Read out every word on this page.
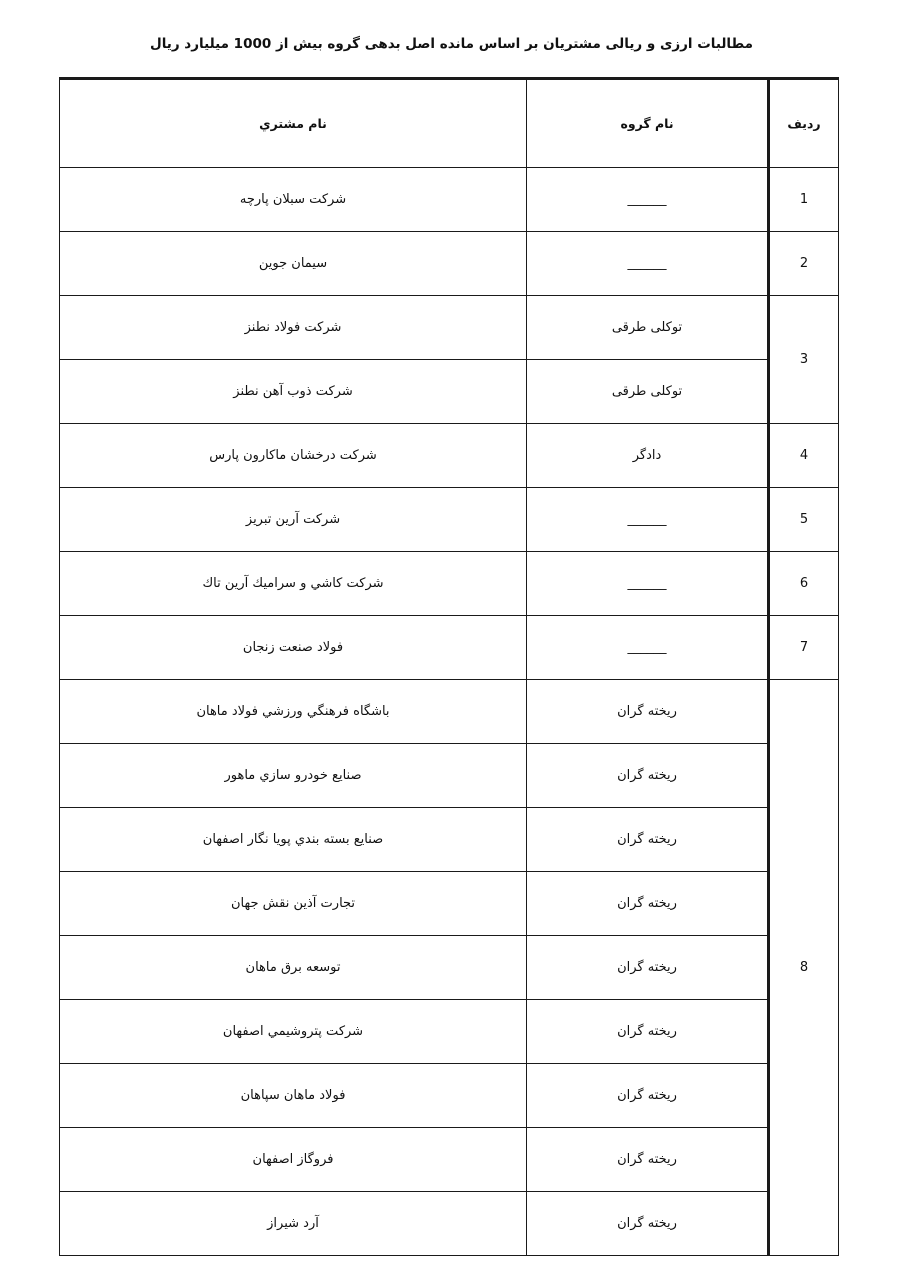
مطالبات ارزی و ریالی مشتریان بر اساس مانده اصل بدهی گروه بیش از 1000 میلیارد ریال
ردیف	نام گروه	نام مشتري
1	______	شرکت سبلان پارچه
2	______	سیمان جوین
3	توکلی طرقی	شرکت فولاد نطنز
	توکلی طرقی	شرکت ذوب آهن نطنز
4	دادگر	شرکت درخشان ماکارون پارس
5	______	شرکت آرین تبریز
6	______	شرکت كاشي و سراميك آرين تاك
7	______	فولاد صنعت زنجان
8	ریخته گران	باشگاه فرهنگي ورزشي فولاد ماهان
	ریخته گران	صنايع خودرو سازي ماهور
	ریخته گران	صنايع بسته بندي پويا نگار اصفهان
	ریخته گران	تجارت آذين نقش جهان
	ریخته گران	توسعه برق ماهان
	ریخته گران	شركت پتروشيمي اصفهان
	ریخته گران	فولاد ماهان سپاهان
	ریخته گران	فروگاز اصفهان
	ریخته گران	آرد شیراز
